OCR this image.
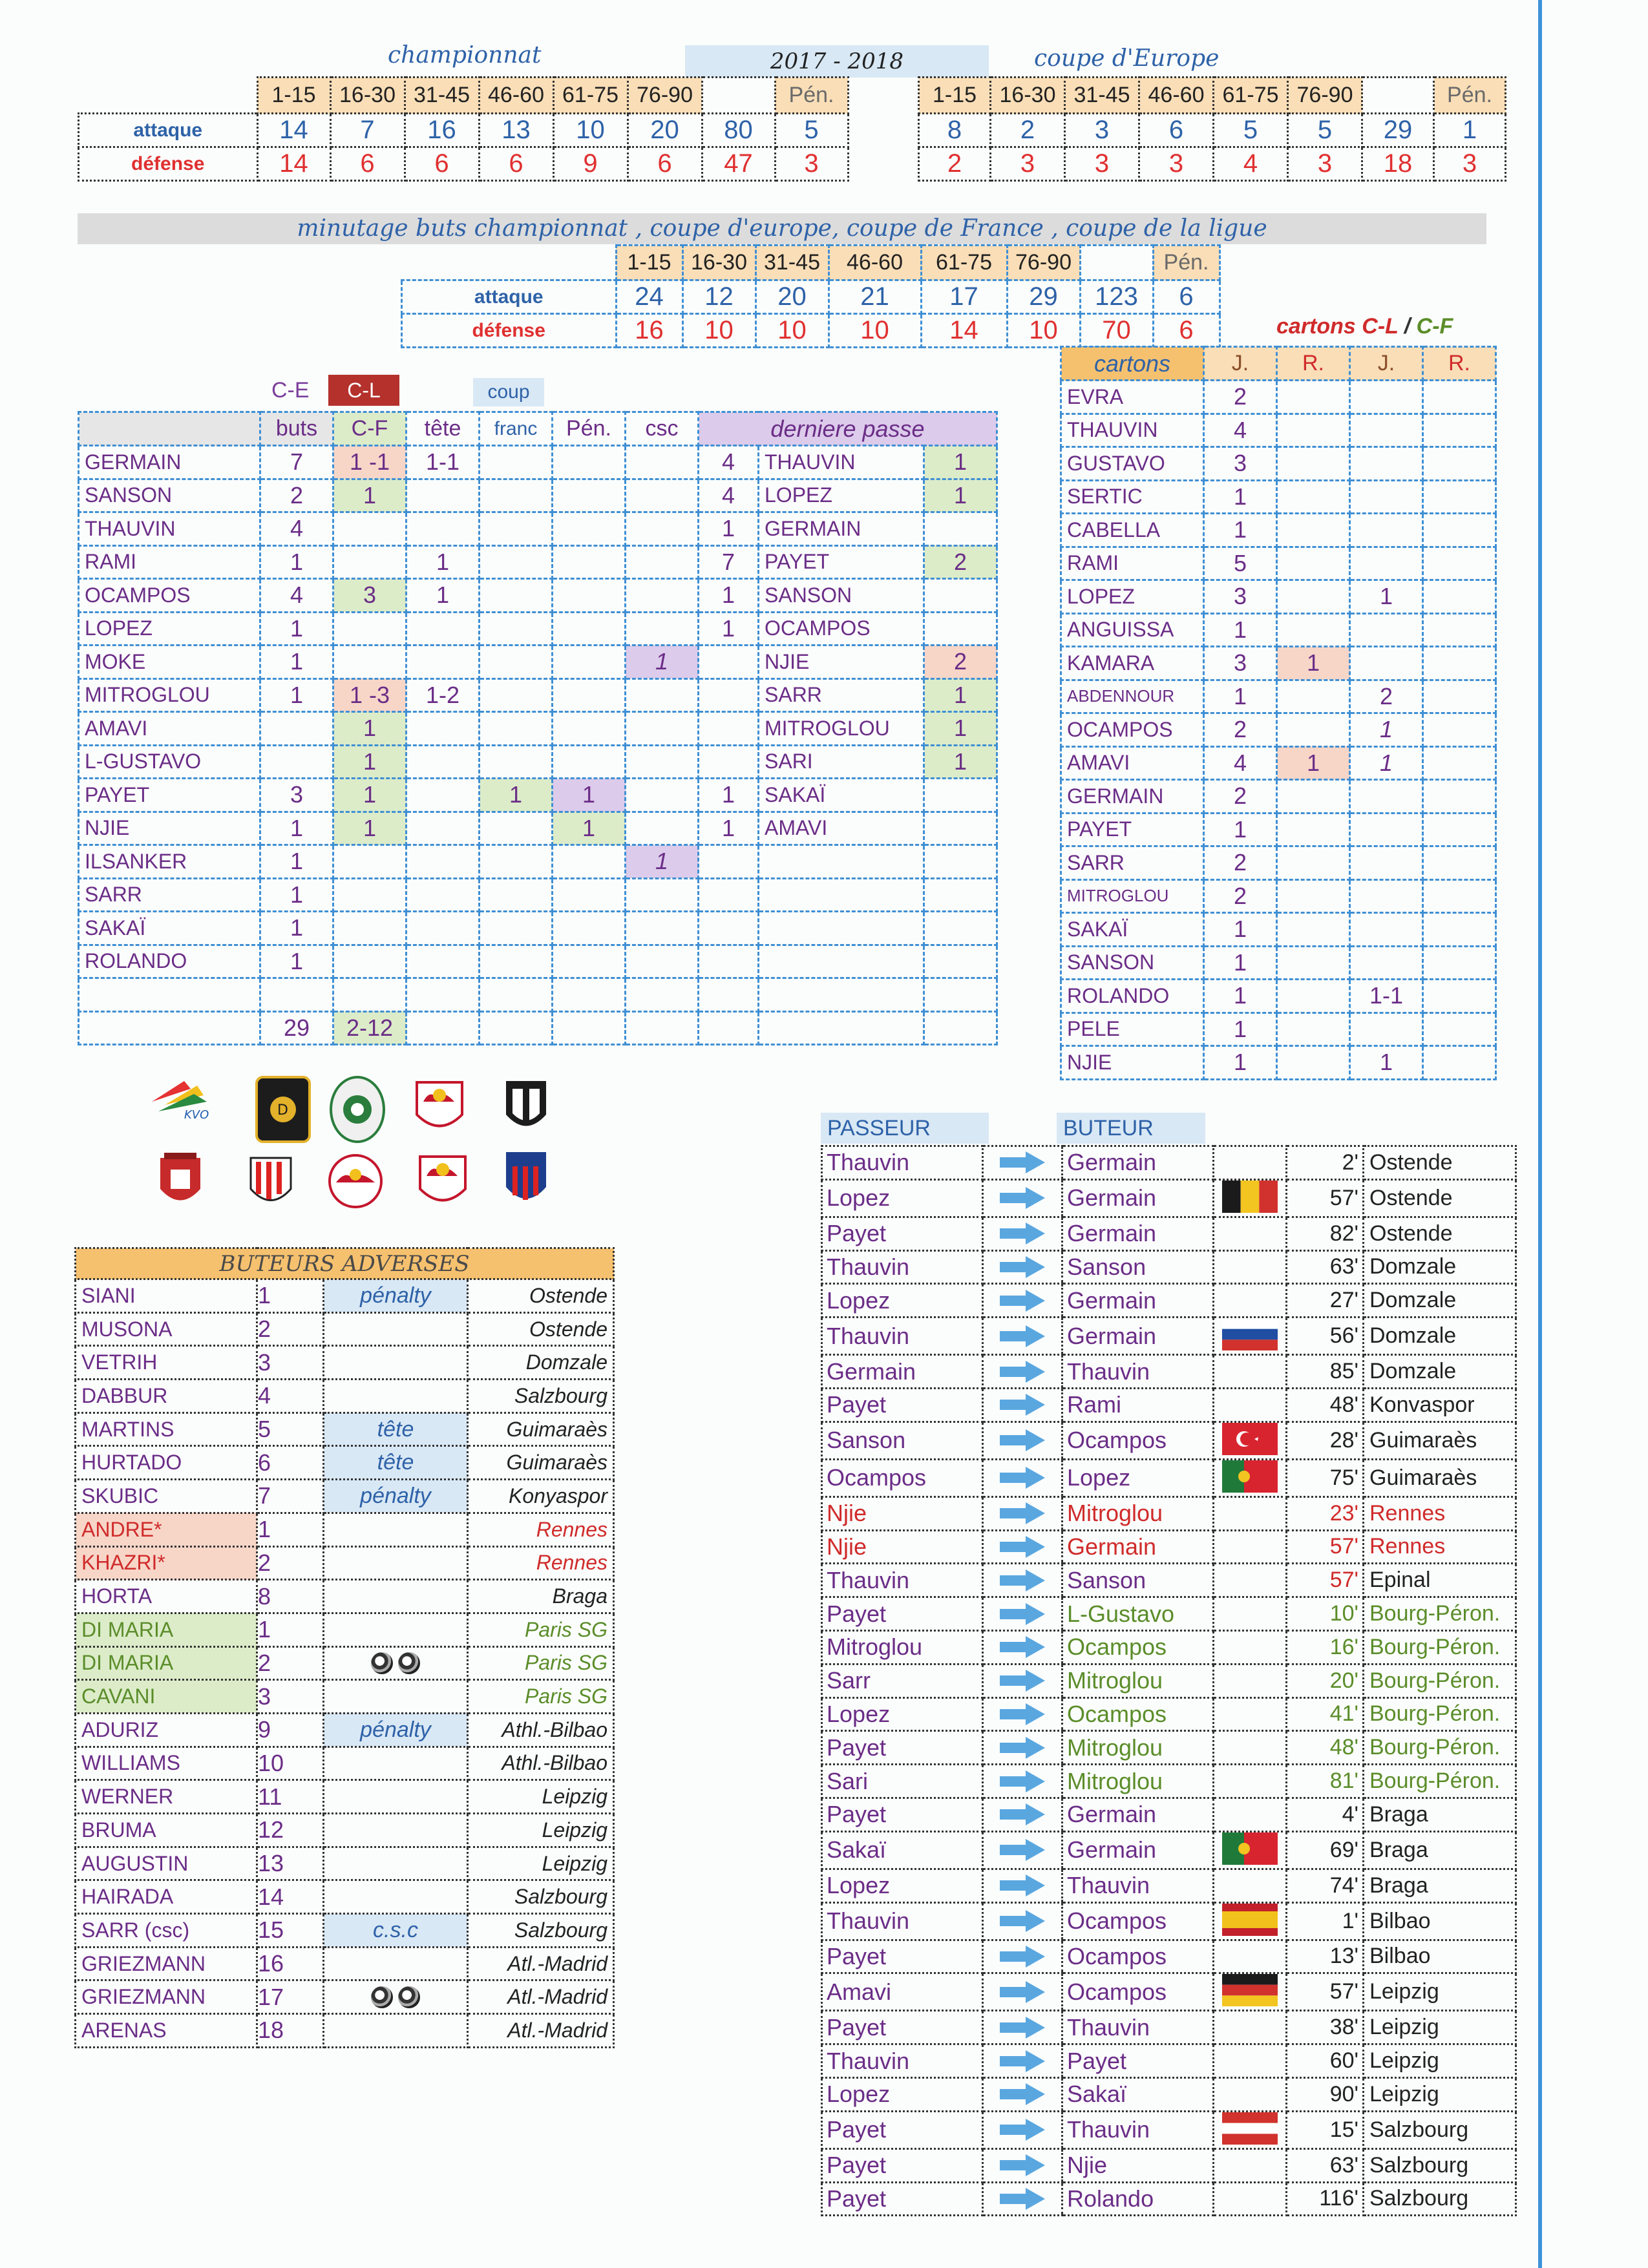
championnat	2017 - 2018	coupe d'Europe
	1-15	16-30	31-45	46-60	61-75	76-90		Pén.
attaque	14	7	16	13	10	20	80	5
défense	14	6	6	6	9	6	47	3
1-15	16-30	31-45	46-60	61-75	76-90		Pén.
8	2	3	6	5	5	29	1
2	3	3	3	4	3	18	3
minutage buts championnat , coupe d'europe, coupe de France , coupe de la ligue
	1-15	16-30	31-45	46-60	61-75	76-90		Pén.
attaque	24	12	20	21	17	29	123	6
défense	16	10	10	10	14	10	70	6
C-E	C-L	coup
	buts	C-F	tête	franc	Pén.	csc	derniere passe		
GERMAIN	7	1 -1	1-1				4	THAUVIN	1
SANSON	2	1					4	LOPEZ	1
THAUVIN	4						1	GERMAIN	
RAMI	1		1				7	PAYET	2
OCAMPOS	4	3	1				1	SANSON	
LOPEZ	1						1	OCAMPOS	
MOKE	1					1		NJIE	2
MITROGLOU	1	1 -3	1-2					SARR	1
AMAVI		1						MITROGLOU	1
L-GUSTAVO		1						SARI	1
PAYET	3	1		1	1		1	SAKAÏ	
NJIE	1	1			1		1	AMAVI	
ILSANKER	1					1			
SARR	1								
SAKAÏ	1								
ROLANDO	1								

	29	2-12							
cartons C-L / C-F
cartons	J.	R.	J.	R.
EVRA	2			
THAUVIN	4			
GUSTAVO	3			
SERTIC	1			
CABELLA	1			
RAMI	5			
LOPEZ	3		1	
ANGUISSA	1			
KAMARA	3	1		
ABDENNOUR	1		2	
OCAMPOS	2		1	
AMAVI	4	1	1	
GERMAIN	2			
PAYET	1			
SARR	2			
MITROGLOU	2			
SAKAÏ	1			
SANSON	1			
ROLANDO	1		1-1	
PELE	1			
NJIE	1		1	
KVO	D
BUTEURS ADVERSES			
SIANI	1	pénalty	Ostende
MUSONA	2		Ostende
VETRIH	3		Domzale
DABBUR	4		Salzbourg
MARTINS	5	tête	Guimaraès
HURTADO	6	tête	Guimaraès
SKUBIC	7	pénalty	Konyaspor
ANDRE*	1		Rennes
KHAZRI*	2		Rennes
HORTA	8		Braga
DI MARIA	1		Paris SG
DI MARIA	2		Paris SG
CAVANI	3		Paris SG
ADURIZ	9	pénalty	Athl.-Bilbao
WILLIAMS	10		Athl.-Bilbao
WERNER	11		Leipzig
BRUMA	12		Leipzig
AUGUSTIN	13		Leipzig
HAIRADA	14		Salzbourg
SARR (csc)	15	c.s.c	Salzbourg
GRIEZMANN	16		Atl.-Madrid
GRIEZMANN	17		Atl.-Madrid
ARENAS	18		Atl.-Madrid
PASSEUR	BUTEUR
Thauvin		Germain		2'	Ostende
Lopez		Germain		57'	Ostende
Payet		Germain		82'	Ostende
Thauvin		Sanson		63'	Domzale
Lopez		Germain		27'	Domzale
Thauvin		Germain		56'	Domzale
Germain		Thauvin		85'	Domzale
Payet		Rami		48'	Konvaspor
Sanson		Ocampos		28'	Guimaraès
Ocampos		Lopez		75'	Guimaraès
Njie		Mitroglou		23'	Rennes
Njie		Germain		57'	Rennes
Thauvin		Sanson		57'	Epinal
Payet		L-Gustavo		10'	Bourg-Péron.
Mitroglou		Ocampos		16'	Bourg-Péron.
Sarr		Mitroglou		20'	Bourg-Péron.
Lopez		Ocampos		41'	Bourg-Péron.
Payet		Mitroglou		48'	Bourg-Péron.
Sari		Mitroglou		81'	Bourg-Péron.
Payet		Germain		4'	Braga
Sakaï		Germain		69'	Braga
Lopez		Thauvin		74'	Braga
Thauvin		Ocampos		1'	Bilbao
Payet		Ocampos		13'	Bilbao
Amavi		Ocampos		57'	Leipzig
Payet		Thauvin		38'	Leipzig
Thauvin		Payet		60'	Leipzig
Lopez		Sakaï		90'	Leipzig
Payet		Thauvin		15'	Salzbourg
Payet		Njie		63'	Salzbourg
Payet		Rolando		116'	Salzbourg
